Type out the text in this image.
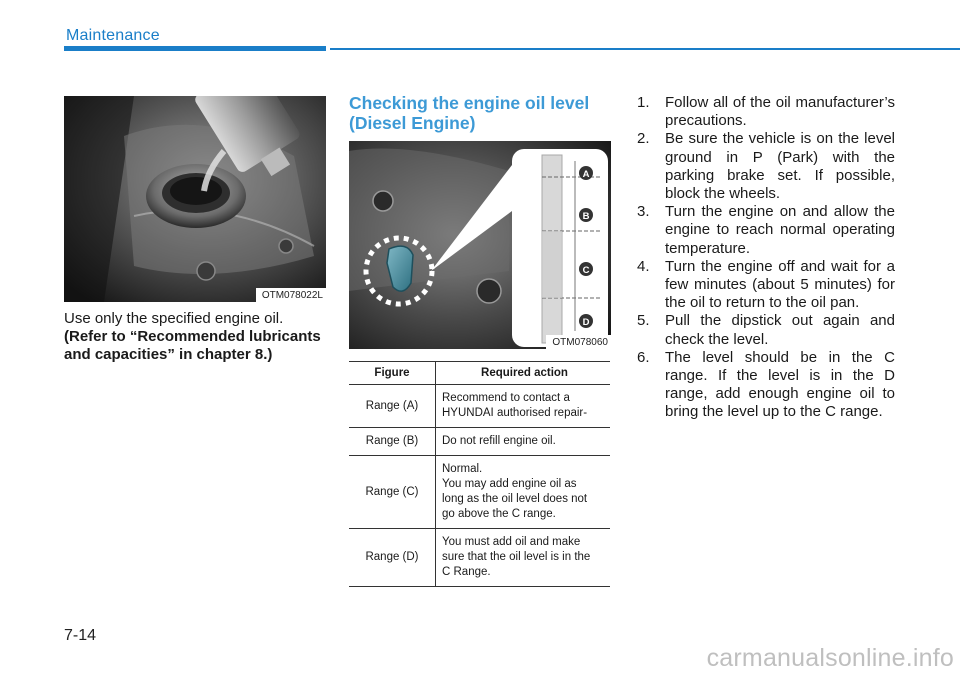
Maintenance
OTM078022L

Use only the specified engine oil.

(Refer to “Recommended lubricants and capacities” in chapter 8.)

Checking the engine oil level
(Diesel Engine)
A
B
C
D
OTM078060
Figure	Required action
Range (A)	Recommend to contact a
HYUNDAI authorised repair-

Range (B)	Do not refill engine oil.

Range (C)	Normal.
You may add engine oil as
long as the oil level does not
go above the C range.

Range (D)	You must add oil and make
sure that the oil level is in the
C Range.
1. Follow all of the oil manufacturer’s precautions.
2. Be sure the vehicle is on the level ground in P (Park) with the parking brake set. If possible, block the wheels.
3. Turn the engine on and allow the engine to reach normal operating temperature.
4. Turn the engine off and wait for a few minutes (about 5 minutes) for the oil to return to the oil pan.
5. Pull the dipstick out again and check the level.
6. The level should be in the C range. If the level is in the D range, add enough engine oil to bring the level up to the C range.
7-14
carmanualsonline.info
